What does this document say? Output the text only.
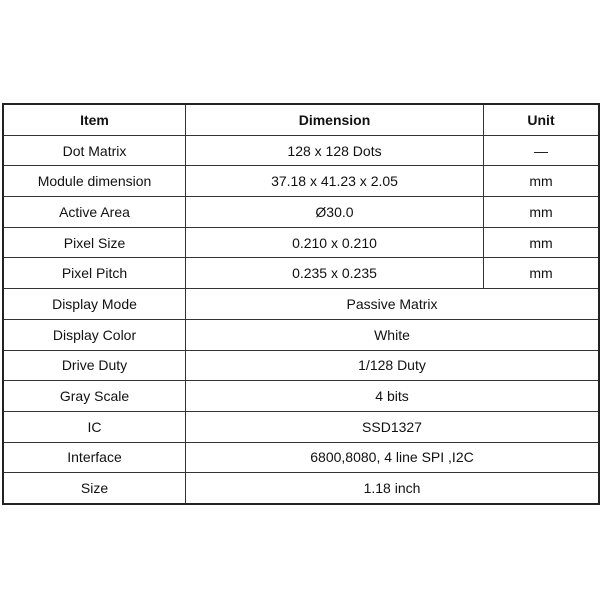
Item	Dimension	Unit
Dot Matrix	128 x 128 Dots	—
Module dimension	37.18 x 41.23 x 2.05	mm
Active Area	Ø30.0	mm
Pixel Size	0.210 x 0.210	mm
Pixel Pitch	0.235 x 0.235	mm
Display Mode	Passive Matrix	
Display Color	White	
Drive Duty	1/128 Duty	
Gray Scale	4 bits	
IC	SSD1327	
Interface	6800,8080, 4 line SPI ,I2C	
Size	1.18 inch	
